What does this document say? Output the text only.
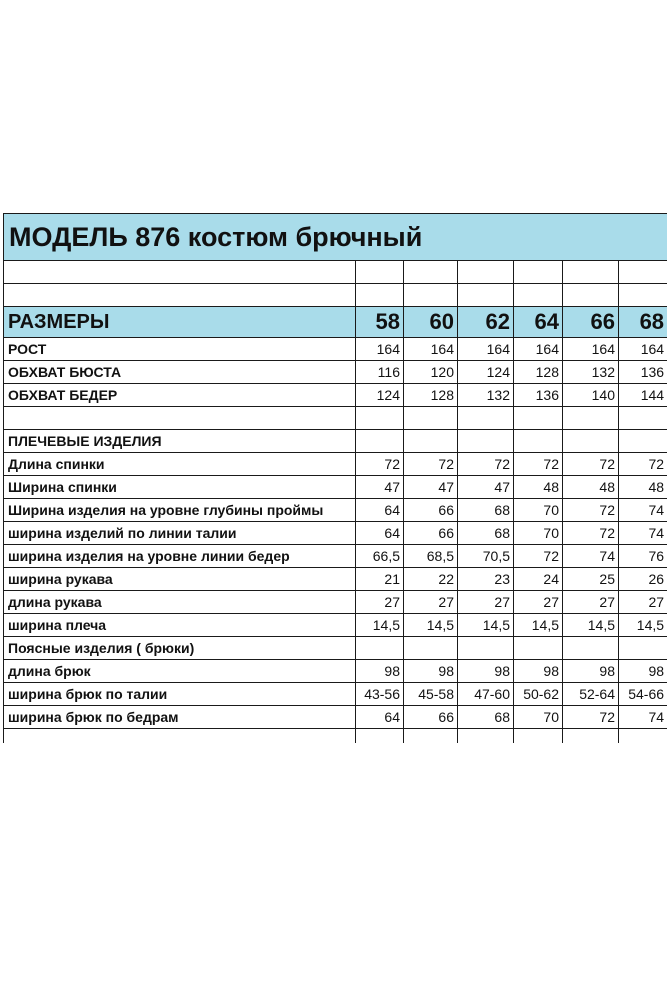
МОДЕЛЬ 876 костюм брючный						

РАЗМЕРЫ	58	60	62	64	66	68
РОСТ	164	164	164	164	164	164
ОБХВАТ БЮСТА	116	120	124	128	132	136
ОБХВАТ БЕДЕР	124	128	132	136	140	144

ПЛЕЧЕВЫЕ ИЗДЕЛИЯ						
Длина спинки	72	72	72	72	72	72
Ширина спинки	47	47	47	48	48	48
Ширина изделия на уровне глубины проймы	64	66	68	70	72	74
ширина изделий по линии талии	64	66	68	70	72	74
ширина изделия на уровне линии бедер	66,5	68,5	70,5	72	74	76
ширина рукава	21	22	23	24	25	26
длина рукава	27	27	27	27	27	27
ширина плеча	14,5	14,5	14,5	14,5	14,5	14,5
Поясные изделия ( брюки)						
длина брюк	98	98	98	98	98	98
ширина брюк по талии	43-56	45-58	47-60	50-62	52-64	54-66
ширина брюк по бедрам	64	66	68	70	72	74
